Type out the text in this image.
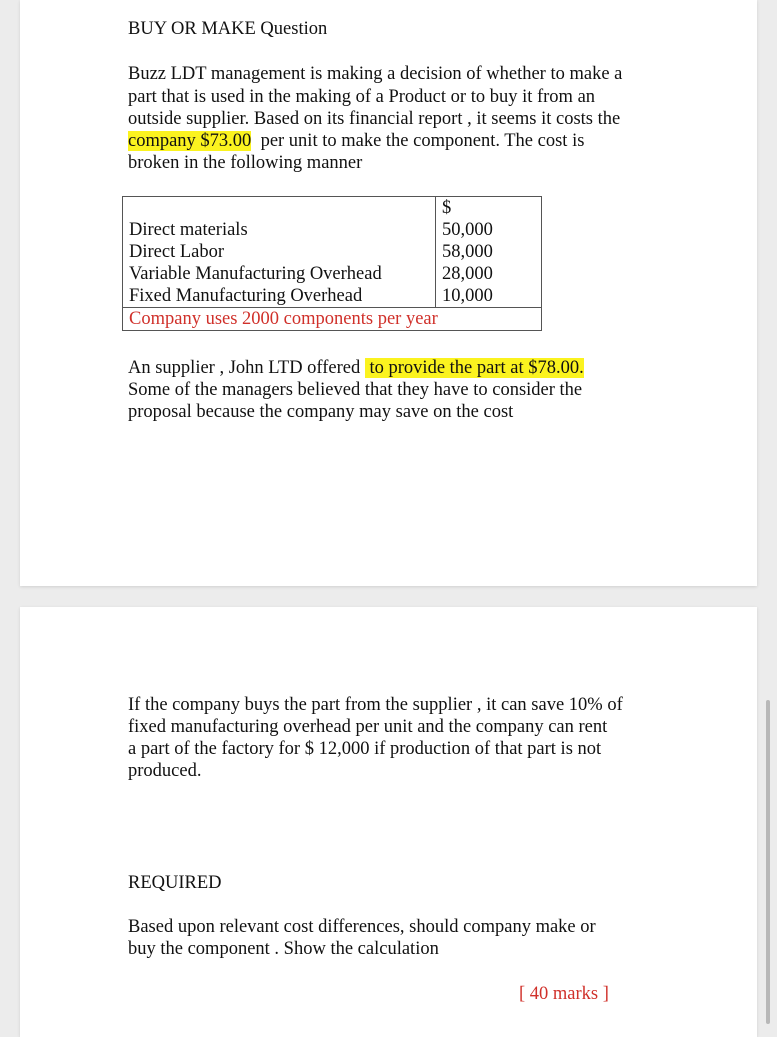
BUY OR MAKE Question

Buzz LDT management is making a decision of whether to make a

part that is used in the making of a Product or to buy it from an

outside supplier. Based on its financial report , it seems it costs the

company $73.00  per unit to make the component. The cost is

broken in the following manner

	$
Direct materials	50,000
Direct Labor	58,000
Variable Manufacturing Overhead	28,000
Fixed Manufacturing Overhead	10,000
Company uses 2000 components per year	

An supplier , John LTD offered  to provide the part at $78.00.

Some of the managers believed that they have to consider the

proposal because the company may save on the cost

If the company buys the part from the supplier , it can save 10% of

fixed manufacturing overhead per unit and the company can rent

a part of the factory for $ 12,000 if production of that part is not

produced.

REQUIRED

Based upon relevant cost differences, should company make or

buy the component . Show the calculation

[ 40 marks ]
